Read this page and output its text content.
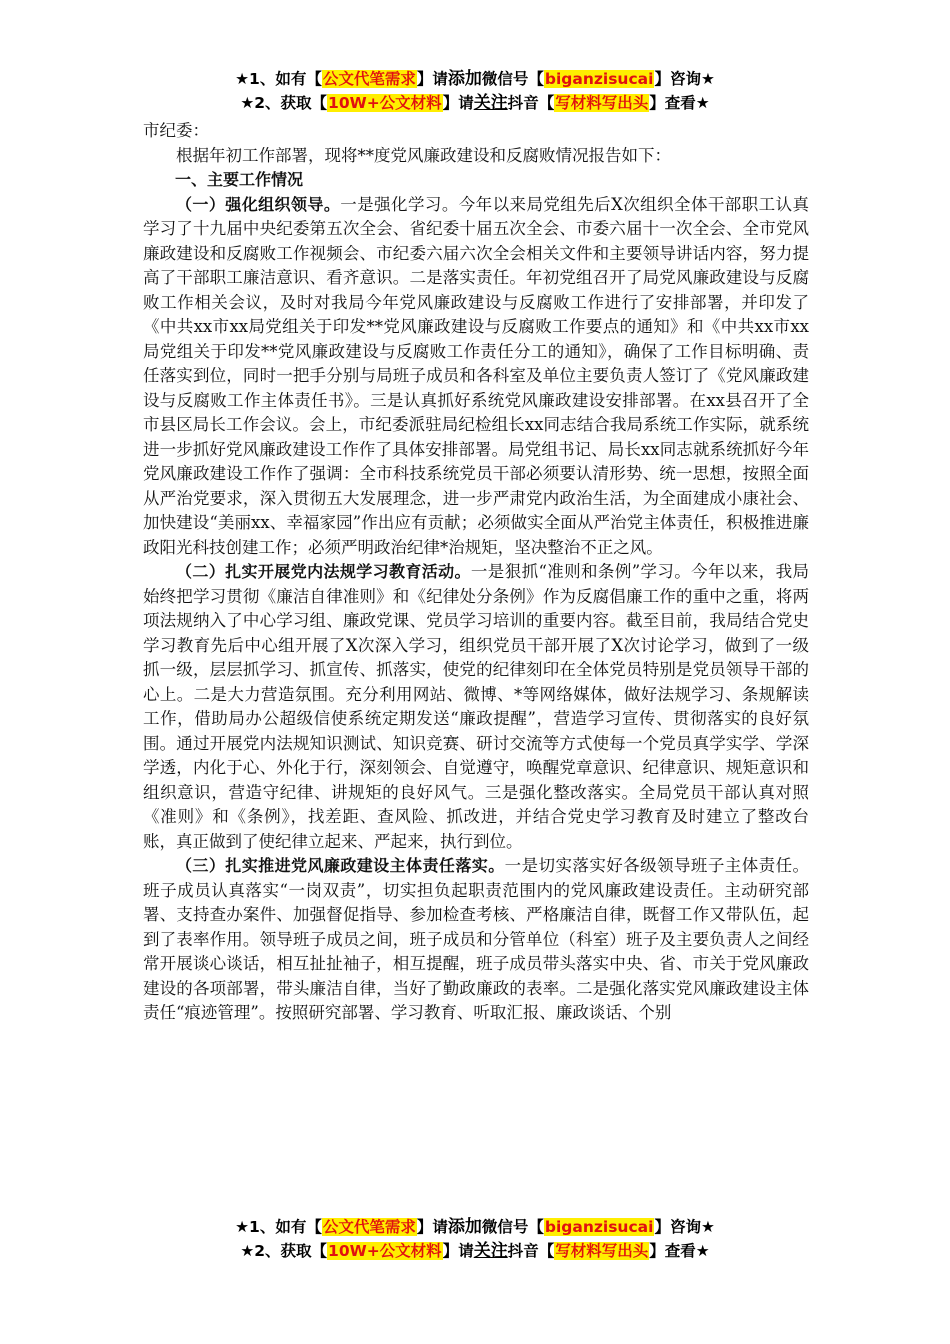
★1、如有【公文代笔需求】请添加微信号【biganzisucai】咨询★
★2、获取【10W+公文材料】请关注抖音【写材料写出头】查看★

市纪委：

根据年初工作部署，现将**度党风廉政建设和反腐败情况报告如下：

一、主要工作情况

（一）强化组织领导。一是强化学习。今年以来局党组先后X次组织全体干部职工认真学习了十九届中央纪委第五次全会、省纪委十届五次全会、市委六届十一次全会、全市党风廉政建设和反腐败工作视频会、市纪委六届六次全会相关文件和主要领导讲话内容，努力提高了干部职工廉洁意识、看齐意识。二是落实责任。年初党组召开了局党风廉政建设与反腐败工作相关会议，及时对我局今年党风廉政建设与反腐败工作进行了安排部署，并印发了《中共xx市xx局党组关于印发**党风廉政建设与反腐败工作要点的通知》和《中共xx市xx局党组关于印发**党风廉政建设与反腐败工作责任分工的通知》，确保了工作目标明确、责任落实到位，同时一把手分别与局班子成员和各科室及单位主要负责人签订了《党风廉政建设与反腐败工作主体责任书》。三是认真抓好系统党风廉政建设安排部署。在xx县召开了全市县区局长工作会议。会上，市纪委派驻局纪检组长xx同志结合我局系统工作实际，就系统进一步抓好党风廉政建设工作作了具体安排部署。局党组书记、局长xx同志就系统抓好今年党风廉政建设工作作了强调：全市科技系统党员干部必须要认清形势、统一思想，按照全面从严治党要求，深入贯彻五大发展理念，进一步严肃党内政治生活，为全面建成小康社会、加快建设“美丽xx、幸福家园”作出应有贡献；必须做实全面从严治党主体责任，积极推进廉政阳光科技创建工作；必须严明政治纪律*治规矩，坚决整治不正之风。

（二）扎实开展党内法规学习教育活动。一是狠抓“准则和条例”学习。今年以来，我局始终把学习贯彻《廉洁自律准则》和《纪律处分条例》作为反腐倡廉工作的重中之重，将两项法规纳入了中心学习组、廉政党课、党员学习培训的重要内容。截至目前，我局结合党史学习教育先后中心组开展了X次深入学习，组织党员干部开展了X次讨论学习，做到了一级抓一级，层层抓学习、抓宣传、抓落实，使党的纪律刻印在全体党员特别是党员领导干部的心上。二是大力营造氛围。充分利用网站、微博、*等网络媒体，做好法规学习、条规解读工作，借助局办公超级信使系统定期发送“廉政提醒”，营造学习宣传、贯彻落实的良好氛围。通过开展党内法规知识测试、知识竞赛、研讨交流等方式使每一个党员真学实学、学深学透，内化于心、外化于行，深刻领会、自觉遵守，唤醒党章意识、纪律意识、规矩意识和组织意识，营造守纪律、讲规矩的良好风气。三是强化整改落实。全局党员干部认真对照《准则》和《条例》，找差距、查风险、抓改进，并结合党史学习教育及时建立了整改台账，真正做到了使纪律立起来、严起来，执行到位。

（三）扎实推进党风廉政建设主体责任落实。一是切实落实好各级领导班子主体责任。班子成员认真落实“一岗双责”，切实担负起职责范围内的党风廉政建设责任。主动研究部署、支持查办案件、加强督促指导、参加检查考核、严格廉洁自律，既督工作又带队伍，起到了表率作用。领导班子成员之间，班子成员和分管单位（科室）班子及主要负责人之间经常开展谈心谈话，相互扯扯袖子，相互提醒，班子成员带头落实中央、省、市关于党风廉政建设的各项部署，带头廉洁自律，当好了勤政廉政的表率。二是强化落实党风廉政建设主体责任“痕迹管理”。按照研究部署、学习教育、听取汇报、廉政谈话、个别

★1、如有【公文代笔需求】请添加微信号【biganzisucai】咨询★
★2、获取【10W+公文材料】请关注抖音【写材料写出头】查看★
